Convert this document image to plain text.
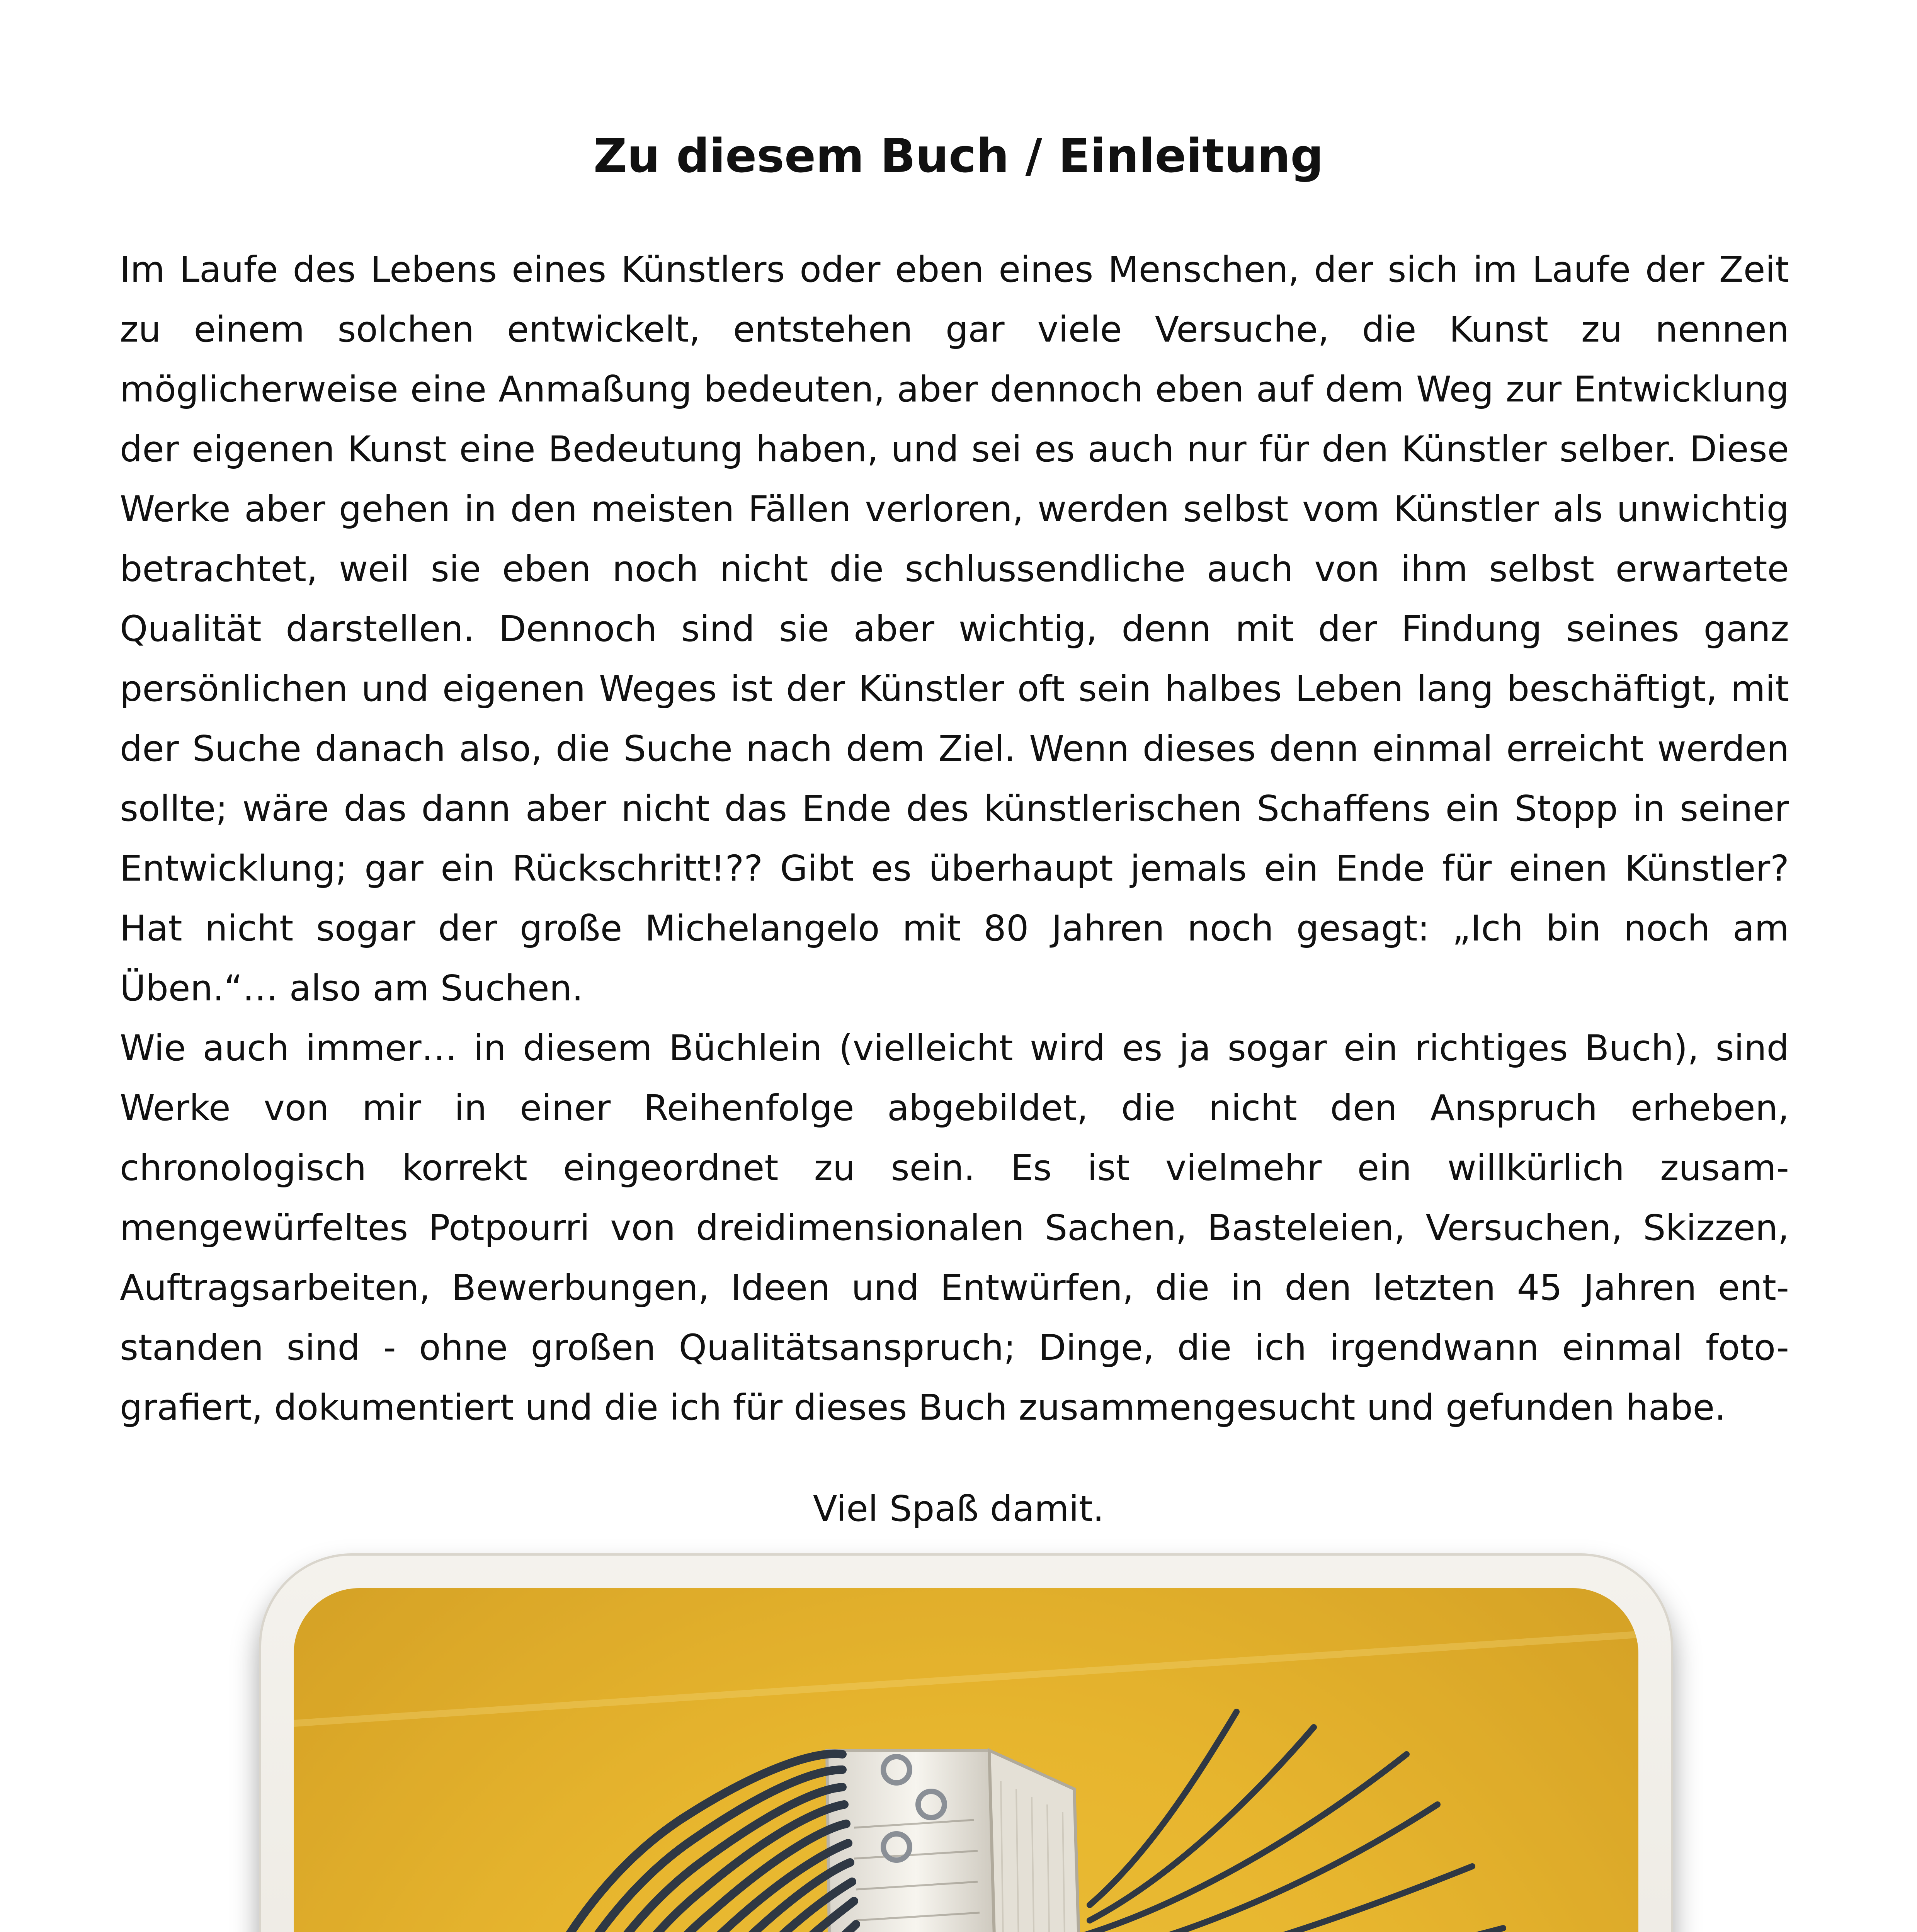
Zu diesem Buch / Einleitung

Im Laufe des Lebens eines Künstlers oder eben eines Menschen, der sich im Laufe der Zeit zu einem solchen entwickelt, entstehen gar viele Versuche, die Kunst zu nennen möglicherweise eine Anmaßung bedeuten, aber dennoch eben auf dem Weg zur Entwicklung der eigenen Kunst eine Bedeutung haben, und sei es auch nur für den Künstler selber. Diese Werke aber gehen in den meisten Fällen verloren, werden selbst vom Künstler als unwichtig betrachtet, weil sie eben noch nicht die schlussendliche auch von ihm selbst erwartete Qualität darstellen. Dennoch sind sie aber wichtig, denn mit der Findung seines ganz persönlichen und eigenen Weges ist der Künstler oft sein halbes Leben lang beschäftigt, mit der Suche danach also, die Suche nach dem Ziel. Wenn dieses denn einmal erreicht werden sollte; wäre das dann aber nicht das Ende des künstlerischen Schaffens ein Stopp in seiner Entwicklung; gar ein Rückschritt!?? Gibt es überhaupt jemals ein Ende für einen Künstler? Hat nicht sogar der große Michelangelo mit 80 Jahren noch gesagt: „Ich bin noch am Üben.“… also am Suchen.

Wie auch immer… in diesem Büchlein (vielleicht wird es ja sogar ein richtiges Buch), sind Werke von mir in einer Reihenfolge abgebildet, die nicht den Anspruch erheben, chronologisch korrekt eingeordnet zu sein. Es ist vielmehr ein willkürlich zusam-mengewürfeltes Potpourri von dreidimensionalen Sachen, Basteleien, Versuchen, Skizzen, Auftragsarbeiten, Bewerbungen, Ideen und Entwürfen, die in den letzten 45 Jahren ent-standen sind - ohne großen Qualitätsanspruch; Dinge, die ich irgendwann einmal foto-grafiert, dokumentiert und die ich für dieses Buch zusammengesucht und gefunden habe.

Viel Spaß damit.
